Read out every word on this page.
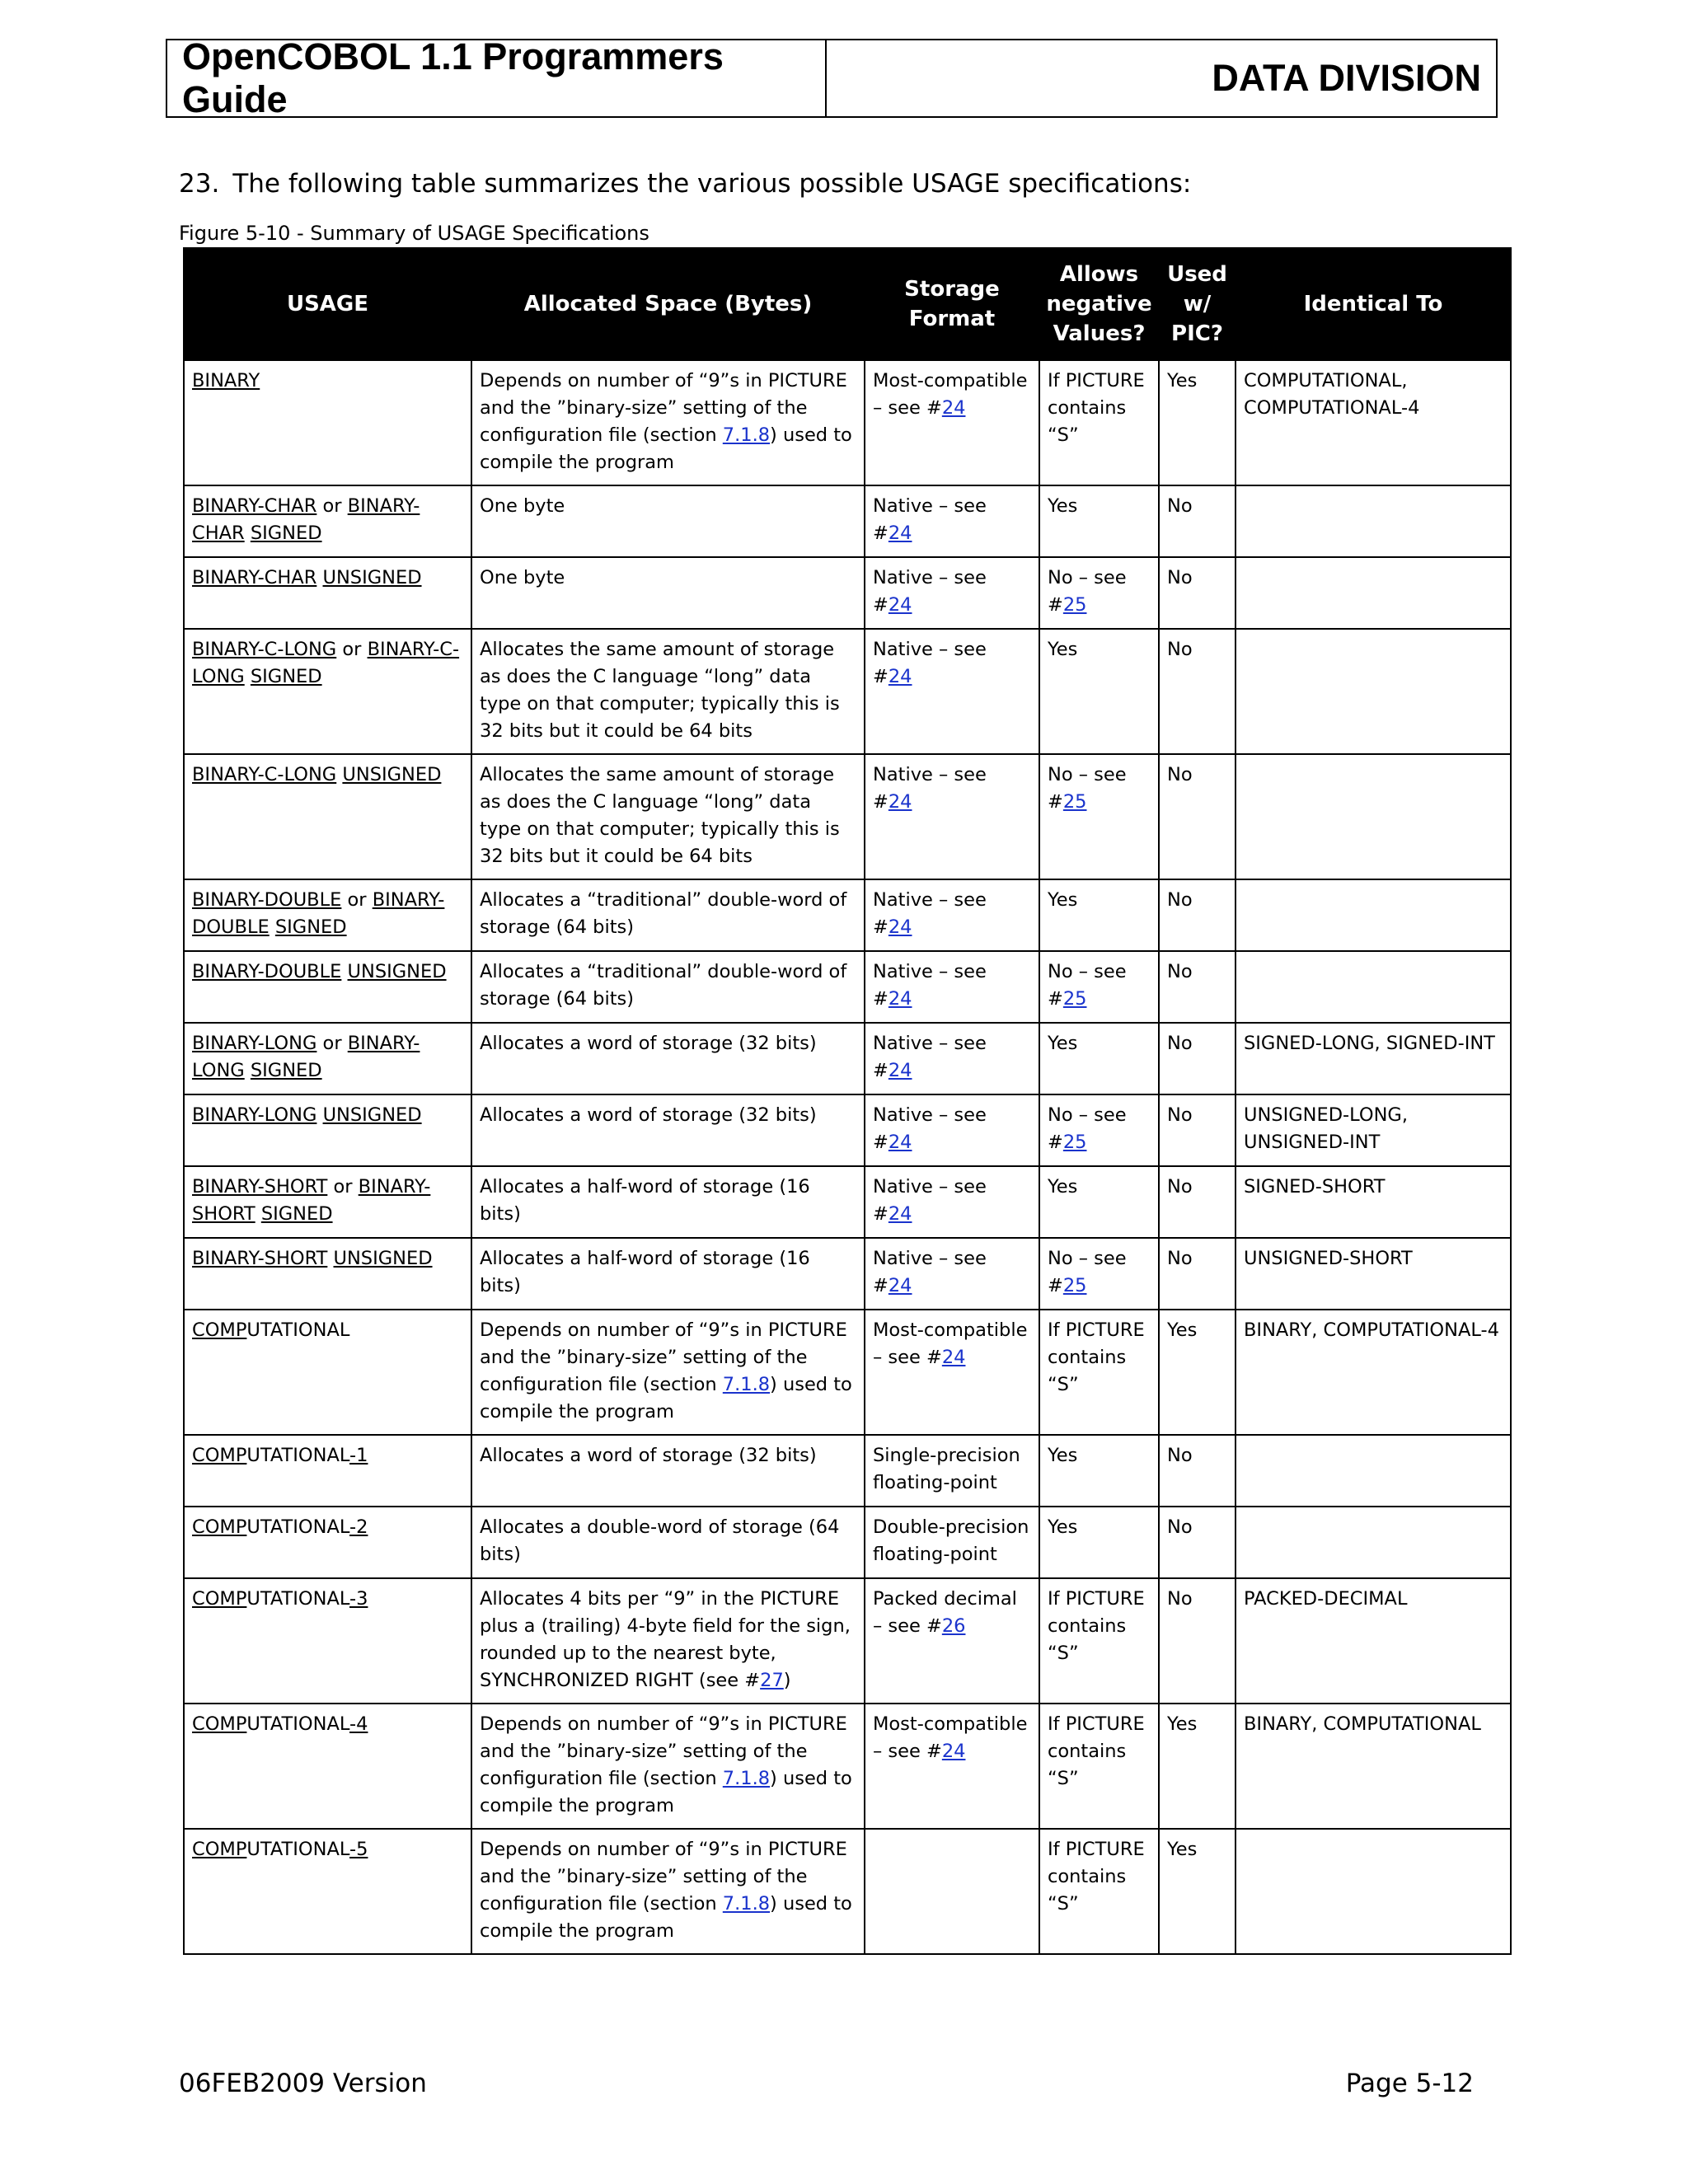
OpenCOBOL 1.1 Programmers Guide
DATA DIVISION
23. The following table summarizes the various possible USAGE specifications:
Figure 5-10 - Summary of USAGE Specifications
USAGE	Allocated Space (Bytes)	Storage Format	Allows negative Values?	Used w/ PIC?	Identical To
BINARY	Depends on number of “9”s in PICTURE and the ”binary-size” setting of the configuration file (section 7.1.8) used to compile the program	Most-compatible – see #24	If PICTURE contains “S”	Yes	COMPUTATIONAL, COMPUTATIONAL-4
BINARY-CHAR or BINARY-CHAR SIGNED	One byte	Native – see #24	Yes	No	
BINARY-CHAR UNSIGNED	One byte	Native – see #24	No – see #25	No	
BINARY-C-LONG or BINARY-C-LONG SIGNED	Allocates the same amount of storage as does the C language “long” data type on that computer; typically this is 32 bits but it could be 64 bits	Native – see #24	Yes	No	
BINARY-C-LONG UNSIGNED	Allocates the same amount of storage as does the C language “long” data type on that computer; typically this is 32 bits but it could be 64 bits	Native – see #24	No – see #25	No	
BINARY-DOUBLE or BINARY-DOUBLE SIGNED	Allocates a “traditional” double-word of storage (64 bits)	Native – see #24	Yes	No	
BINARY-DOUBLE UNSIGNED	Allocates a “traditional” double-word of storage (64 bits)	Native – see #24	No – see #25	No	
BINARY-LONG or BINARY-LONG SIGNED	Allocates a word of storage (32 bits)	Native – see #24	Yes	No	SIGNED-LONG, SIGNED-INT
BINARY-LONG UNSIGNED	Allocates a word of storage (32 bits)	Native – see #24	No – see #25	No	UNSIGNED-LONG, UNSIGNED-INT
BINARY-SHORT or BINARY-SHORT SIGNED	Allocates a half-word of storage (16 bits)	Native – see #24	Yes	No	SIGNED-SHORT
BINARY-SHORT UNSIGNED	Allocates a half-word of storage (16 bits)	Native – see #24	No – see #25	No	UNSIGNED-SHORT
COMPUTATIONAL	Depends on number of “9”s in PICTURE and the ”binary-size” setting of the configuration file (section 7.1.8) used to compile the program	Most-compatible – see #24	If PICTURE contains “S”	Yes	BINARY, COMPUTATIONAL-4
COMPUTATIONAL-1	Allocates a word of storage (32 bits)	Single-precision floating-point	Yes	No	
COMPUTATIONAL-2	Allocates a double-word of storage (64 bits)	Double-precision floating-point	Yes	No	
COMPUTATIONAL-3	Allocates 4 bits per “9” in the PICTURE plus a (trailing) 4-byte field for the sign, rounded up to the nearest byte, SYNCHRONIZED RIGHT (see #27)	Packed decimal – see #26	If PICTURE contains “S”	No	PACKED-DECIMAL
COMPUTATIONAL-4	Depends on number of “9”s in PICTURE and the ”binary-size” setting of the configuration file (section 7.1.8) used to compile the program	Most-compatible – see #24	If PICTURE contains “S”	Yes	BINARY, COMPUTATIONAL
COMPUTATIONAL-5	Depends on number of “9”s in PICTURE and the ”binary-size” setting of the configuration file (section 7.1.8) used to compile the program		If PICTURE contains “S”	Yes	
06FEB2009 Version	Page 5-12
